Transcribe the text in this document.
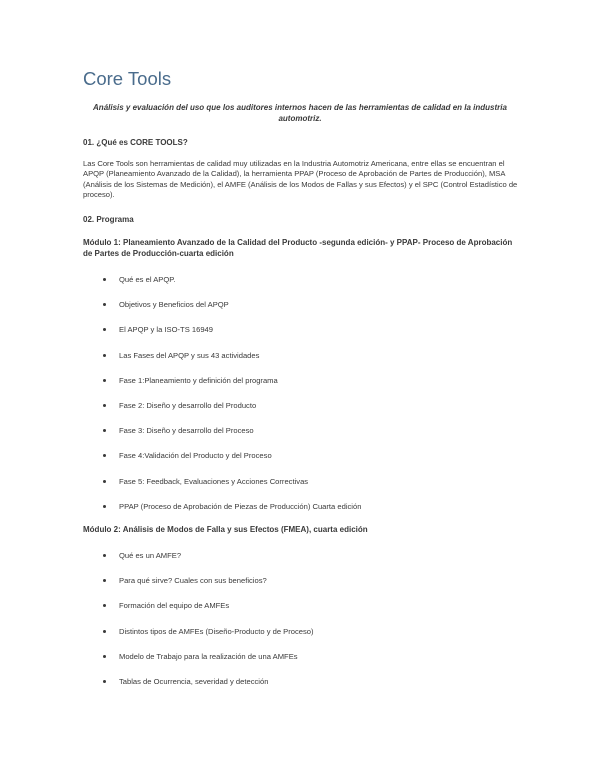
Core Tools

Análisis y evaluación del uso que los auditores internos hacen de las herramientas de calidad en la industria automotriz.

01. ¿Qué es CORE TOOLS?

Las Core Tools son herramientas de calidad muy utilizadas en la Industria Automotriz Americana, entre ellas se encuentran el APQP (Planeamiento Avanzado de la Calidad), la herramienta PPAP (Proceso de Aprobación de Partes de Producción), MSA (Análisis de los Sistemas de Medición), el AMFE (Análisis de los Modos de Fallas y sus Efectos) y el SPC (Control Estadístico de proceso).

02. Programa

Módulo 1: Planeamiento Avanzado de la Calidad del Producto -segunda edición- y PPAP- Proceso de Aprobación de Partes de Producción-cuarta edición

Qué es el APQP.
Objetivos y Beneficios del APQP
El APQP y la ISO-TS 16949
Las Fases del APQP y sus 43 actividades
Fase 1:Planeamiento y definición del programa
Fase 2: Diseño y desarrollo del Producto
Fase 3: Diseño y desarrollo del Proceso
Fase 4:Validación del Producto y del Proceso
Fase 5: Feedback, Evaluaciones y Acciones Correctivas
PPAP (Proceso de Aprobación de Piezas de Producción) Cuarta edición

Módulo 2: Análisis de Modos de Falla y sus Efectos (FMEA), cuarta edición

Qué es un AMFE?
Para qué sirve? Cuales con sus beneficios?
Formación del equipo de AMFEs
Distintos tipos de AMFEs (Diseño-Producto y de Proceso)
Modelo de Trabajo para la realización de una AMFEs
Tablas de Ocurrencia, severidad y detección
